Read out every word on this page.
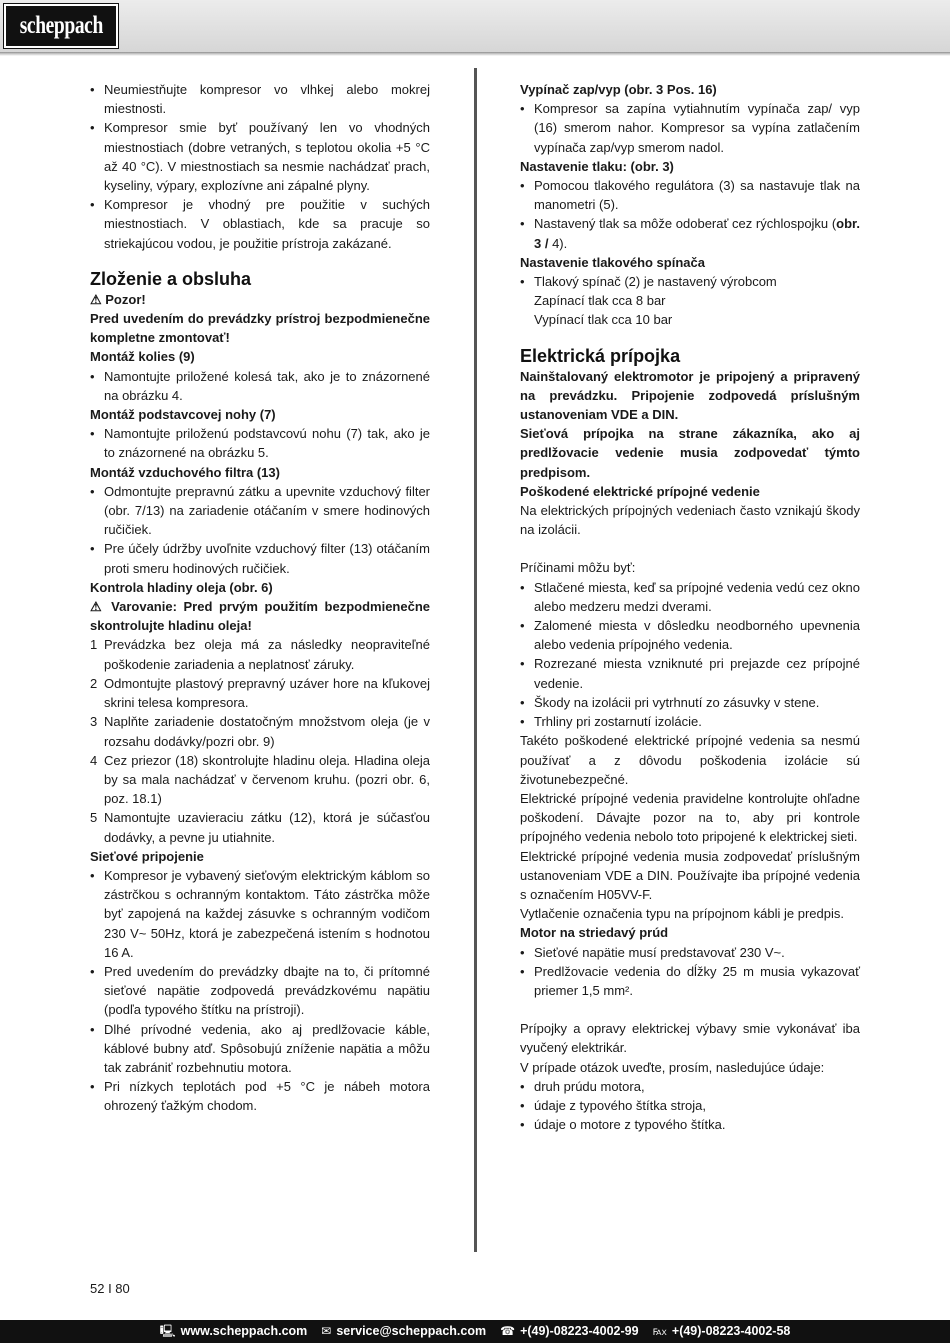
scheppach
• Neumiestňujte kompresor vo vlhkej alebo mokrej miestnosti.
• Kompresor smie byť používaný len vo vhodných miestnostiach (dobre vetraných, s teplotou okolia +5 °C až 40 °C). V miestnostiach sa nesmie nachádzať prach, kyseliny, výpary, explozívne ani zápalné plyny.
• Kompresor je vhodný pre použitie v suchých miestnostiach. V oblastiach, kde sa pracuje so striekajúcou vodou, je použitie prístroja zakázané.
Zloženie a obsluha

⚠ Pozor!

Pred uvedením do prevádzky prístroj bezpodmienečne kompletne zmontovať!

Montáž kolies (9)

• Namontujte priložené kolesá tak, ako je to znázornené na obrázku 4.

Montáž podstavcovej nohy (7)

• Namontujte priloženú podstavcovú nohu (7) tak, ako je to znázornené na obrázku 5.

Montáž vzduchového filtra (13)

• Odmontujte prepravnú zátku a upevnite vzduchový filter (obr. 7/13) na zariadenie otáčaním v smere hodinových ručičiek.
• Pre účely údržby uvoľnite vzduchový filter (13) otáčaním proti smeru hodinových ručičiek.

Kontrola hladiny oleja (obr. 6)

⚠ Varovanie: Pred prvým použitím bezpodmienečne skontrolujte hladinu oleja!

1 Prevádzka bez oleja má za následky neopraviteľné poškodenie zariadenia a neplatnosť záruky.
2 Odmontujte plastový prepravný uzáver hore na kľukovej skrini telesa kompresora.
3 Naplňte zariadenie dostatočným množstvom oleja (je v rozsahu dodávky/pozri obr. 9)
4 Cez priezor (18) skontrolujte hladinu oleja. Hladina oleja by sa mala nachádzať v červenom kruhu. (pozri obr. 6, poz. 18.1)
5 Namontujte uzavieraciu zátku (12), ktorá je súčasťou dodávky, a pevne ju utiahnite.

Sieťové pripojenie

• Kompresor je vybavený sieťovým elektrickým káblom so zástrčkou s ochranným kontaktom. Táto zástrčka môže byť zapojená na každej zásuvke s ochranným vodičom 230 V~ 50Hz, ktorá je zabezpečená istením s hodnotou 16 A.
• Pred uvedením do prevádzky dbajte na to, či prítomné sieťové napätie zodpovedá prevádzkovému napätiu (podľa typového štítku na prístroji).
• Dlhé prívodné vedenia, ako aj predlžovacie káble, káblové bubny atď. Spôsobujú zníženie napätia a môžu tak zabrániť rozbehnutiu motora.
• Pri nízkych teplotách pod +5 °C je nábeh motora ohrozený ťažkým chodom.

Vypínač zap/vyp (obr. 3 Pos. 16)

• Kompresor sa zapína vytiahnutím vypínača zap/ vyp (16) smerom nahor. Kompresor sa vypína zatlačením vypínača zap/vyp smerom nadol.

Nastavenie tlaku: (obr. 3)

• Pomocou tlakového regulátora (3) sa nastavuje tlak na manometri (5).
• Nastavený tlak sa môže odoberať cez rýchlospojku (obr. 3 / 4).

Nastavenie tlakového spínača

• Tlakový spínač (2) je nastavený výrobcom

Zapínací tlak cca 8 bar

Vypínací tlak cca 10 bar

Elektrická prípojka

Nainštalovaný elektromotor je pripojený a pripravený na prevádzku. Pripojenie zodpovedá príslušným ustanoveniam VDE a DIN.

Sieťová prípojka na strane zákazníka, ako aj predlžovacie vedenie musia zodpovedať týmto predpisom.

Poškodené elektrické prípojné vedenie

Na elektrických prípojných vedeniach často vznikajú škody na izolácii.

Príčinami môžu byť:

• Stlačené miesta, keď sa prípojné vedenia vedú cez okno alebo medzeru medzi dverami.
• Zalomené miesta v dôsledku neodborného upevnenia alebo vedenia prípojného vedenia.
• Rozrezané miesta vzniknuté pri prejazde cez prípojné vedenie.
• Škody na izolácii pri vytrhnutí zo zásuvky v stene.
• Trhliny pri zostarnutí izolácie.

Takéto poškodené elektrické prípojné vedenia sa nesmú používať a z dôvodu poškodenia izolácie sú životunebezpečné.

Elektrické prípojné vedenia pravidelne kontrolujte ohľadne poškodení. Dávajte pozor na to, aby pri kontrole prípojného vedenia nebolo toto pripojené k elektrickej sieti.

Elektrické prípojné vedenia musia zodpovedať príslušným ustanoveniam VDE a DIN. Používajte iba prípojné vedenia s označením H05VV-F.

Vytlačenie označenia typu na prípojnom kábli je predpis.

Motor na striedavý prúd

• Sieťové napätie musí predstavovať 230 V~.
• Predlžovacie vedenia do dĺžky 25 m musia vykazovať priemer 1,5 mm².

Prípojky a opravy elektrickej výbavy smie vykonávať iba vyučený elektrikár.

V prípade otázok uveďte, prosím, nasledujúce údaje:

• druh prúdu motora,
• údaje z typového štítka stroja,
• údaje o motore z typového štítka.
52 I 80
🖳 www.scheppach.com ✉ service@scheppach.com ☎ +(49)-08223-4002-99 ℻ +(49)-08223-4002-58
